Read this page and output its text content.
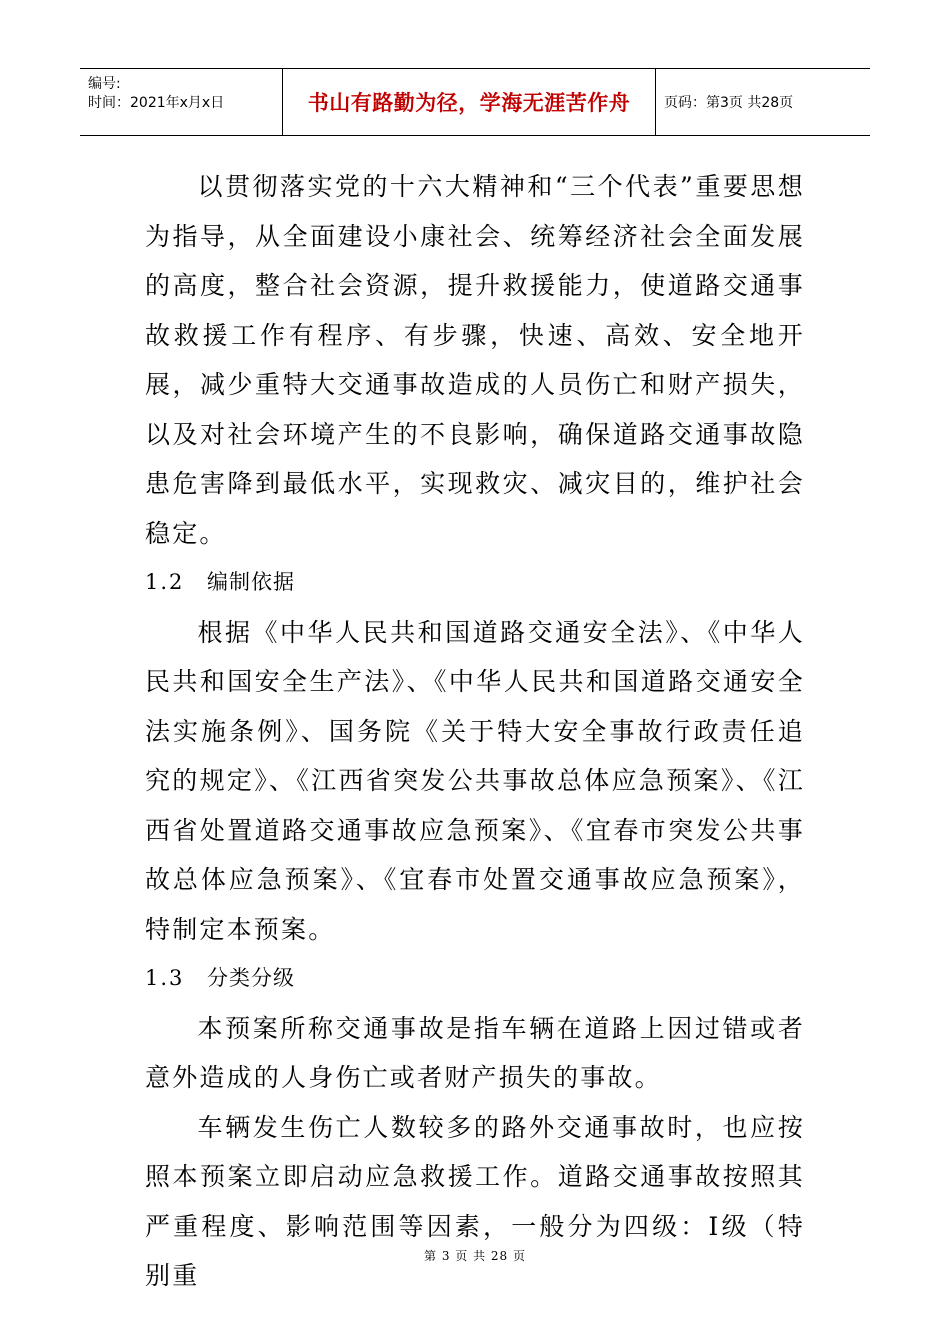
编号:
时间：2021年x月x日	书山有路勤为径，学海无涯苦作舟	页码：第3页 共28页

以贯彻落实党的十六大精神和“三个代表”重要思想为指导，从全面建设小康社会、统筹经济社会全面发展的高度，整合社会资源，提升救援能力，使道路交通事故救援工作有程序、有步骤，快速、高效、安全地开展，减少重特大交通事故造成的人员伤亡和财产损失，以及对社会环境产生的不良影响，确保道路交通事故隐患危害降到最低水平，实现救灾、减灾目的，维护社会稳定。

1.2 编制依据

根据《中华人民共和国道路交通安全法》、《中华人民共和国安全生产法》、《中华人民共和国道路交通安全法实施条例》、国务院《关于特大安全事故行政责任追究的规定》、《江西省突发公共事故总体应急预案》、《江西省处置道路交通事故应急预案》、《宜春市突发公共事故总体应急预案》、《宜春市处置交通事故应急预案》，特制定本预案。

1.3 分类分级

本预案所称交通事故是指车辆在道路上因过错或者意外造成的人身伤亡或者财产损失的事故。

车辆发生伤亡人数较多的路外交通事故时，也应按照本预案立即启动应急救援工作。道路交通事故按照其严重程度、影响范围等因素，一般分为四级：Ⅰ级（特别重

第 3 页 共 28 页
